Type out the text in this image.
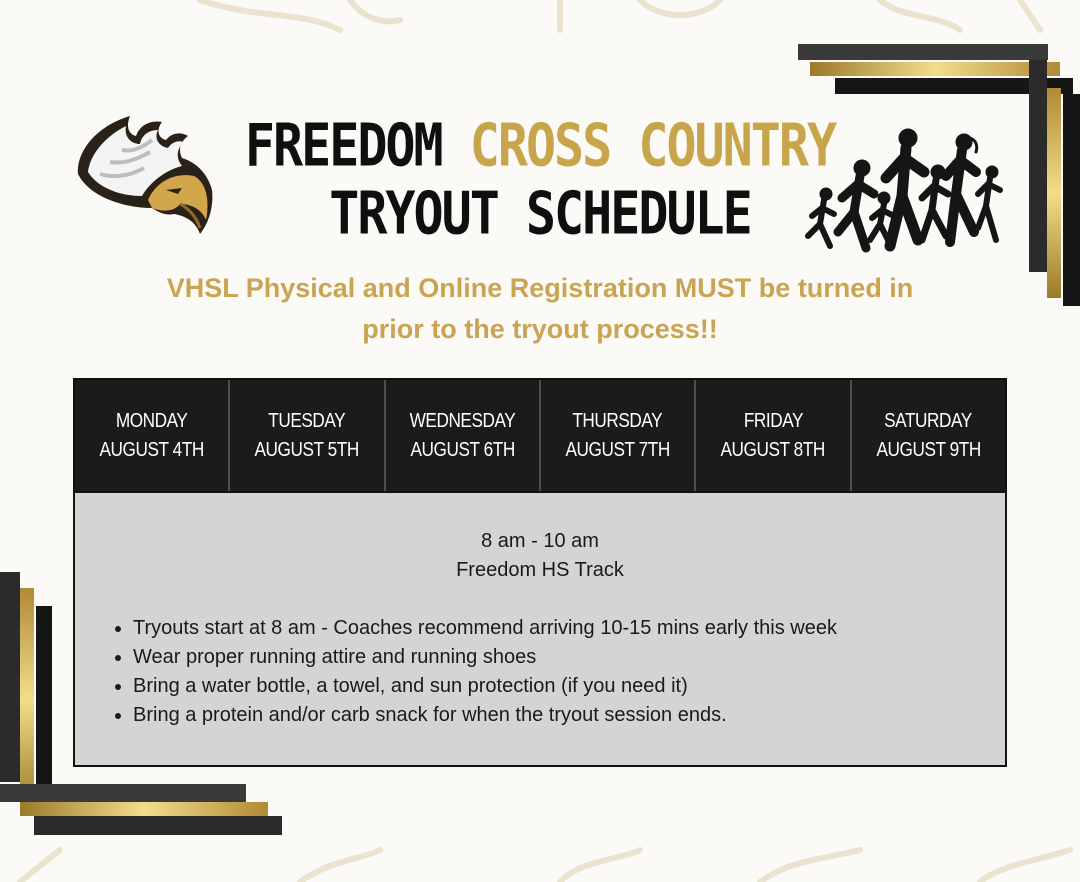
FREEDOM CROSS COUNTRY
TRYOUT SCHEDULE
VHSL Physical and Online Registration MUST be turned in
prior to the tryout process!!
MONDAY
AUGUST 4TH
TUESDAY
AUGUST 5TH
WEDNESDAY
AUGUST 6TH
THURSDAY
AUGUST 7TH
FRIDAY
AUGUST 8TH
SATURDAY
AUGUST 9TH
8 am - 10 am
Freedom HS Track
• Tryouts start at 8 am - Coaches recommend arriving 10-15 mins early this week
• Wear proper running attire and running shoes
• Bring a water bottle, a towel, and sun protection (if you need it)
• Bring a protein and/or carb snack for when the tryout session ends.
